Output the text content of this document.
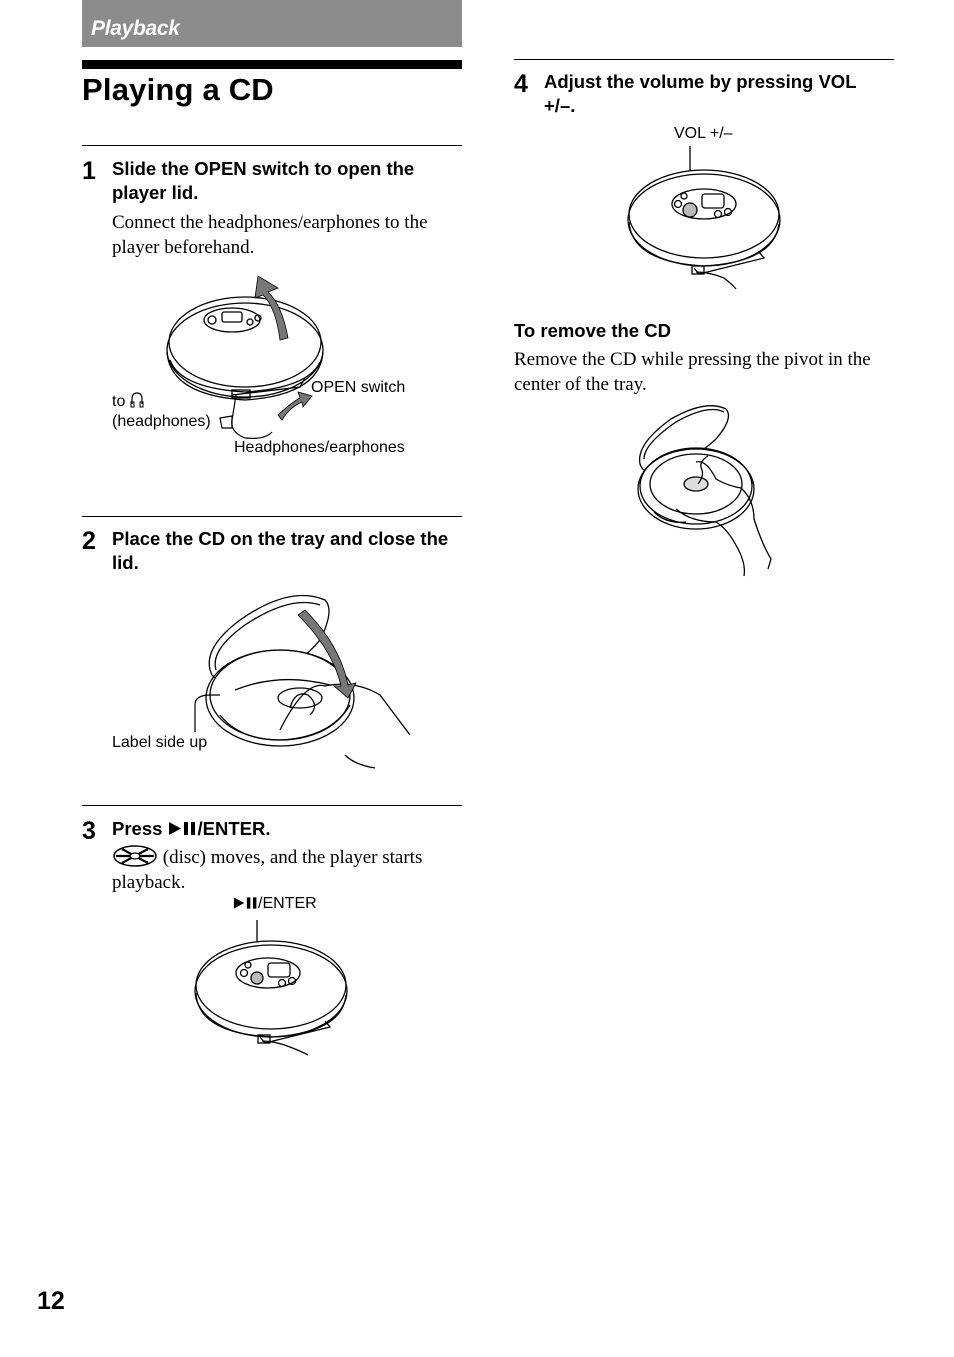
Playback
Playing a CD
1 Slide the OPEN switch to open the player lid.
Connect the headphones/earphones to the player beforehand.
to
(headphones)
OPEN switch
Headphones/earphones
2 Place the CD on the tray and close the lid.
Label side up
3 Press /ENTER.
(disc) moves, and the player starts playback.
/ENTER
4 Adjust the volume by pressing VOL +/–.
VOL +/–
To remove the CD
Remove the CD while pressing the pivot in the center of the tray.
12
